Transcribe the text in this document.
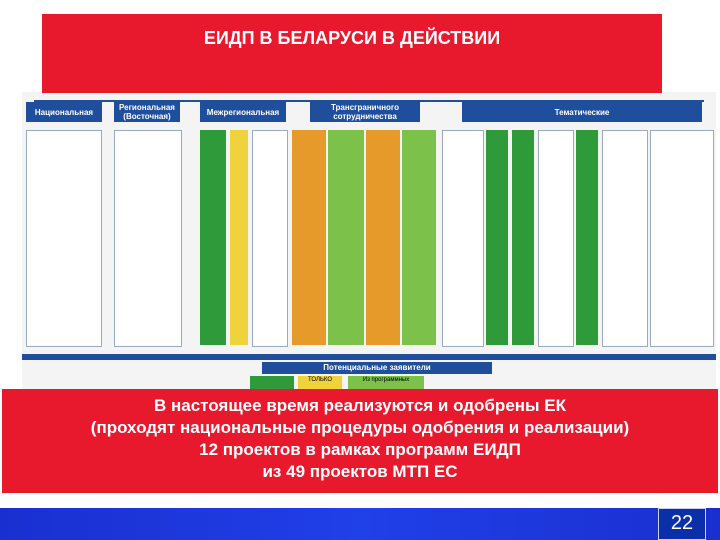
Национальная	Региональная (Восточная)	Межрегиональная	Трансграничного сотрудничества	Тематические
Потенциальные заявители
ТОЛЬКО	Из программных
ЕИДП В БЕЛАРУСИ В ДЕЙСТВИИ
В настоящее время реализуются и одобрены ЕК
(проходят национальные процедуры одобрения и реализации)
12 проектов в рамках программ ЕИДП
из 49 проектов МТП ЕС
22
